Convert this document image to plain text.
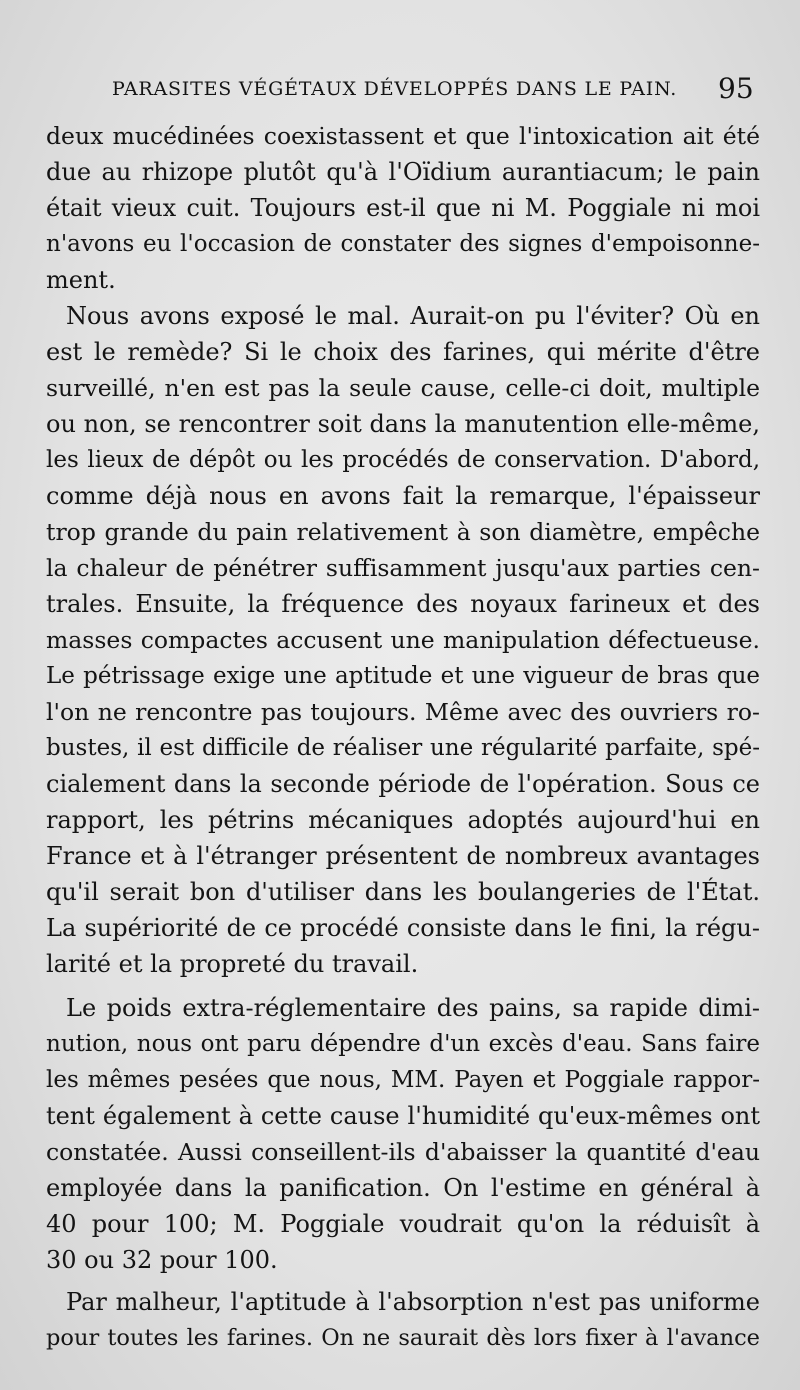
PARASITES VÉGÉTAUX DÉVELOPPÉS DANS LE PAIN. 95
deux mucédinées coexistassent et que l'intoxication ait été
due au rhizope plutôt qu'à l'Oïdium aurantiacum; le pain
était vieux cuit. Toujours est-il que ni M. Poggiale ni moi
n'avons eu l'occasion de constater des signes d'empoisonne-
ment.
Nous avons exposé le mal. Aurait-on pu l'éviter? Où en
est le remède? Si le choix des farines, qui mérite d'être
surveillé, n'en est pas la seule cause, celle-ci doit, multiple
ou non, se rencontrer soit dans la manutention elle-même,
les lieux de dépôt ou les procédés de conservation. D'abord,
comme déjà nous en avons fait la remarque, l'épaisseur
trop grande du pain relativement à son diamètre, empêche
la chaleur de pénétrer suffisamment jusqu'aux parties cen-
trales. Ensuite, la fréquence des noyaux farineux et des
masses compactes accusent une manipulation défectueuse.
Le pétrissage exige une aptitude et une vigueur de bras que
l'on ne rencontre pas toujours. Même avec des ouvriers ro-
bustes, il est difficile de réaliser une régularité parfaite, spé-
cialement dans la seconde période de l'opération. Sous ce
rapport, les pétrins mécaniques adoptés aujourd'hui en
France et à l'étranger présentent de nombreux avantages
qu'il serait bon d'utiliser dans les boulangeries de l'État.
La supériorité de ce procédé consiste dans le fini, la régu-
larité et la propreté du travail.
Le poids extra-réglementaire des pains, sa rapide dimi-
nution, nous ont paru dépendre d'un excès d'eau. Sans faire
les mêmes pesées que nous, MM. Payen et Poggiale rappor-
tent également à cette cause l'humidité qu'eux-mêmes ont
constatée. Aussi conseillent-ils d'abaisser la quantité d'eau
employée dans la panification. On l'estime en général à
40 pour 100; M. Poggiale voudrait qu'on la réduisît à
30 ou 32 pour 100.
Par malheur, l'aptitude à l'absorption n'est pas uniforme
pour toutes les farines. On ne saurait dès lors fixer à l'avance
